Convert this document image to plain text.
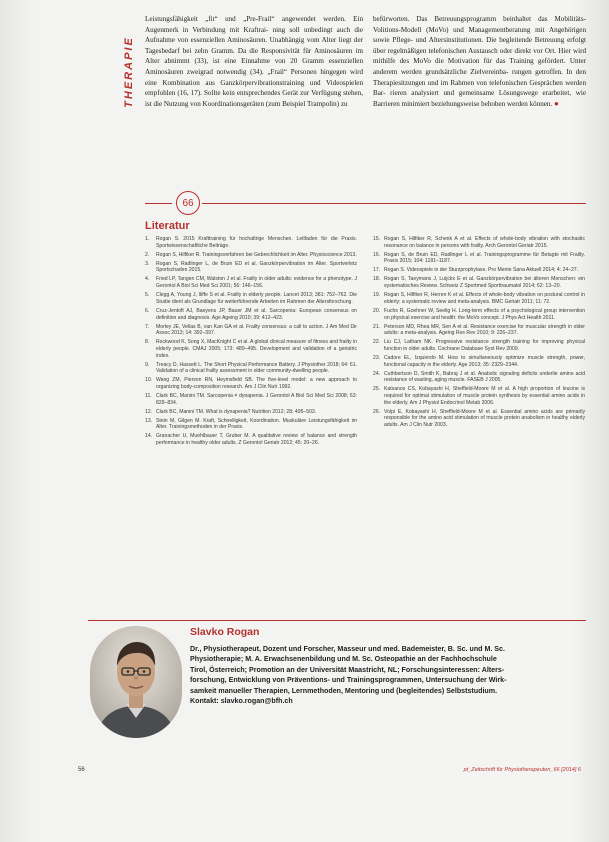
THERAPIE

Leistungsfähigkeit „fit“ und „Pre-Frail“ angewendet werden. Ein Augenmerk in Verbindung mit Kraftrai- ning soll unbedingt auch die Aufnahme von essenziellen Aminosäuren. Unabhängig vom Alter liegt der Tagesbedarf bei zehn Gramm. Da die Responsivität für Aminosäuren im Alter abnimmt (33), ist eine Einnahme von 20 Gramm essenziellen Aminosäuren zweigrad notwendig (34). „Frail“ Personen hingegen wird eine Kombination aus Ganzkörpervibrationstraining und Videospielen empfohlen (16, 17). Sollte kein entsprechendes Gerät zur Verfügung stehen, ist die Nutzung von Koordinationsgeräten (zum Beispiel Trampolin) zu

befürworten. Das Betreuungsprogramm beinhaltet das Mobilitäts-Volitions-Modell (MoVo) und Managementberatung mit Angehörigen sowie Pflege- und Altersinstitutionen. Die begleitende Betreuung erfolgt über regelmäßigen telefonischen Austausch oder direkt vor Ort. Hier wird mithilfe des MoVo die Motivation für das Training gefördert. Unter anderem werden grundsätzliche Zielvereinba- rungen getroffen. In den Therapiesitzungen und im Rahmen von telefonischen Gesprächen werden Bar- rieren analysiert und gemeinsame Lösungswege erarbeitet, wie Barrieren minimiert beziehungsweise behoben werden können. ●

66
Literatur
1.	Rogan S. 2015 Krafttraining für hochaltrige Menschen. Leitfaden für die Praxis. Sportwissenschaftliche Beiträge.
2.	Rogan S, Hilfiker R. Trainingsverfahren bei Gebrechlichkeit im Alter. Physioscience 2013.
3.	Rogan S, Radlinger L, de Bruin ED et al. Ganzkörpervibration im Alter. Sportverletz Sportschaden 2015.
4.	Fried LP, Tangen CM, Walston J et al. Frailty in older adults: evidence for a phenotype. J Gerontol A Biol Sci Med Sci 2001; 56: 146–156.
5.	Clegg A, Young J, Iliffe S et al. Frailty in elderly people. Lancet 2013; 381: 752–762. Die Studie dient als Grundlage für weiterführende Arbeiten im Rahmen der Altersforschung.
6.	Cruz-Jentoft AJ, Baeyens JP, Bauer JM et al. Sarcopenia: European consensus on definition and diagnosis. Age Ageing 2010; 39: 412–423.
7.	Morley JE, Vellas B, van Kan GA et al. Frailty consensus: a call to action. J Am Med Dir Assoc 2013; 14: 392–397.
8.	Rockwood K, Song X, MacKnight C et al. A global clinical measure of fitness and frailty in elderly people. CMAJ 2005; 173: 489–495. Development and validation of a geriatric index.
9.	Treacy D, Hassett L. The Short Physical Performance Battery. J Physiother 2018; 64: 61. Validation of a clinical frailty assessment in older community-dwelling people.
10. Wang ZM, Pierson RN, Heymsfield SB. The five-level model: a new approach to organizing body-composition research. Am J Clin Nutr 1992.
11. Clark BC, Manini TM. Sarcopenia ≠ dynapenia. J Gerontol A Biol Sci Med Sci 2008; 63: 829–834.
12. Clark BC, Manini TM. What is dynapenia? Nutrition 2012; 28: 495–503.
13. Stein M, Gilgen M. Kraft, Schnelligkeit, Koordination. Muskuläre Leistungsfähigkeit im Alter. Trainingsmethoden in der Praxis.
14. Granacher U, Muehlbauer T, Gruber M. A qualitative review of balance and strength performance in healthy older adults. Z Gerontol Geriatr 2012; 45: 20–26.
15. Rogan S, Hilfiker R, Schenk A et al. Effects of whole-body vibration with stochastic resonance on balance in persons with frailty. Arch Gerontol Geriatr 2015.
16. Rogan S, de Bruin ED, Radlinger L et al. Trainingsprogramme für Betagte mit Frailty. Praxis 2015; 104: 1181–1187.
17. Rogan S. Videospiele in der Sturzprophylaxe. Pro Mente Sana Aktuell 2014; 4: 24–27.
18. Rogan S, Taeymans J, Luijckx E et al. Ganzkörpervibration bei älteren Menschen: ein systematisches Review. Schweiz Z Sportmed Sporttraumatol 2014; 62: 13–20.
19. Rogan S, Hilfiker R, Herren K et al. Effects of whole-body vibration on postural control in elderly: a systematic review and meta-analysis. BMC Geriatr 2011; 11: 72.
20. Fuchs R, Goehner W, Seelig H. Long-term effects of a psychological group intervention on physical exercise and health: the MoVo concept. J Phys Act Health 2011.
21. Peterson MD, Rhea MR, Sen A et al. Resistance exercise for muscular strength in older adults: a meta-analysis. Ageing Res Rev 2010; 9: 226–237.
22. Liu CJ, Latham NK. Progressive resistance strength training for improving physical function in older adults. Cochrane Database Syst Rev 2009.
23. Cadore EL, Izquierdo M. How to simultaneously optimize muscle strength, power, functional capacity in the elderly. Age 2013; 35: 2329–2344.
24. Cuthbertson D, Smith K, Babraj J et al. Anabolic signaling deficits underlie amino acid resistance of wasting, aging muscle. FASEB J 2005.
25. Katsanos CS, Kobayashi H, Sheffield-Moore M et al. A high proportion of leucine is required for optimal stimulation of muscle protein synthesis by essential amino acids in the elderly. Am J Physiol Endocrinol Metab 2006.
26. Volpi E, Kobayashi H, Sheffield-Moore M et al. Essential amino acids are primarily responsible for the amino acid stimulation of muscle protein anabolism in healthy elderly adults. Am J Clin Nutr 2003.
Slavko Rogan

Dr., Physiotherapeut, Dozent und Forscher, Masseur und med. Bademeister, B. Sc. und M. Sc.
Physiotherapie; M. A. Erwachsenenbildung und M. Sc. Osteopathie an der Fachhochschule
Tirol, Österreich; Promotion an der Universität Maastricht, NL; Forschungsinteressen: Alters-
forschung, Entwicklung von Präventions- und Trainingsprogrammen, Untersuchung der Wirk-
samkeit manueller Therapien, Lernmethoden, Mentoring und (begleitendes) Selbststudium.
Kontakt: slavko.rogan@bfh.ch

56	pt_Zeitschrift für Physiotherapeuten_66 [2014] 6
